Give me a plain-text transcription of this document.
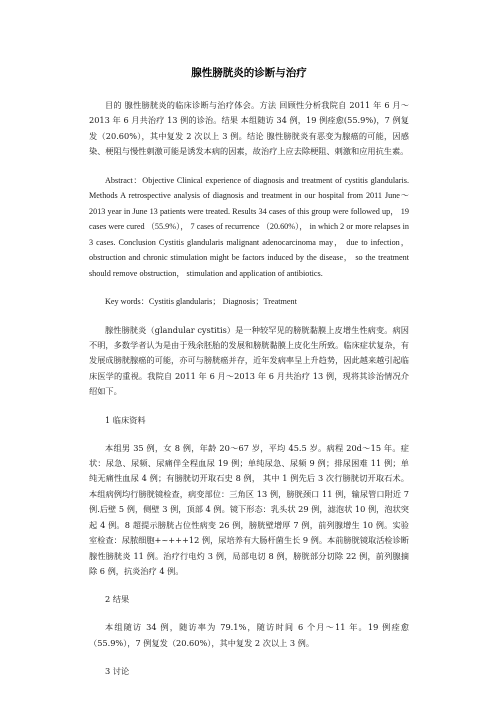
腺性膀胱炎的诊断与治疗

目的 腺性膀胱炎的临床诊断与治疗体会。方法 回顾性分析我院自 2011 年 6 月～2013 年 6 月共治疗 13 例的诊治。结果 本组随访 34 例，19 例痊愈(55.9%)，7 例复发（20.60%），其中复发 2 次以上 3 例。结论 腺性膀胱炎有恶变为腺癌的可能，因感染、梗阻与慢性刺激可能是诱发本病的因素，故治疗上应去除梗阻、刺激和应用抗生素。

Abstract：Objective Clinical experience of diagnosis and treatment of cystitis glandularis. Methods A retrospective analysis of diagnosis and treatment in our hospital from 2011 June～2013 year in June 13 patients were treated. Results 34 cases of this group were followed up， 19 cases were cured （55.9%）， 7 cases of recurrence （20.60%）， in which 2 or more relapses in 3 cases. Conclusion Cystitis glandularis malignant adenocarcinoma may， due to infection， obstruction and chronic stimulation might be factors induced by the disease， so the treatment should remove obstruction， stimulation and application of antibiotics.

Key words：Cystitis glandularis； Diagnosis；Treatment

腺性膀胱炎（glandular cystitis）是一种较罕见的膀胱黏膜上皮增生性病变。病因不明，多数学者认为是由于残余胚胎的发展和膀胱黏膜上皮化生所致。临床症状复杂，有发展成膀胱腺癌的可能，亦可与膀胱癌并存，近年发病率呈上升趋势，因此越来越引起临床医学的重视。我院自 2011 年 6 月～2013 年 6 月共治疗 13 例，现将其诊治情况介绍如下。

1 临床资料

本组男 35 例，女 8 例，年龄 20～67 岁，平均 45.5 岁。病程 20d～15 年。症状：尿急、尿频、尿痛伴全程血尿 19 例；单纯尿急、尿频 9 例；排尿困难 11 例；单纯无痛性血尿 4 例；有膀胱切开取石史 8 例， 其中 1 例先后 3 次行膀胱切开取石术。本组病例均行膀胱镜检查，病变部位：三角区 13 例，膀胱颈口 11 例，输尿管口附近 7 例.后壁 5 例，侧壁 3 例，顶部 4 例。镜下形态：乳头状 29 例，滤泡状 10 例，泡状突起 4 例。8 超提示膀胱占位性病变 26 例，膀胱壁增厚 7 例，前列腺增生 10 例。实验室检查：尿脓细胞+~+++12 例，尿培养有大肠杆菌生长 9 例。本前膀胱镜取活检诊断腺性膀胱炎 11 例。治疗行电灼 3 例，局部电切 8 例，膀胱部分切除 22 例，前列腺摘除 6 例，抗炎治疗 4 例。

2 结果

本组随访 34 例，随访率为 79.1%，随访时间 6 个月～11 年。19 例痊愈（55.9%），7 例复发（20.60%），其中复发 2 次以上 3 例。

3 讨论
